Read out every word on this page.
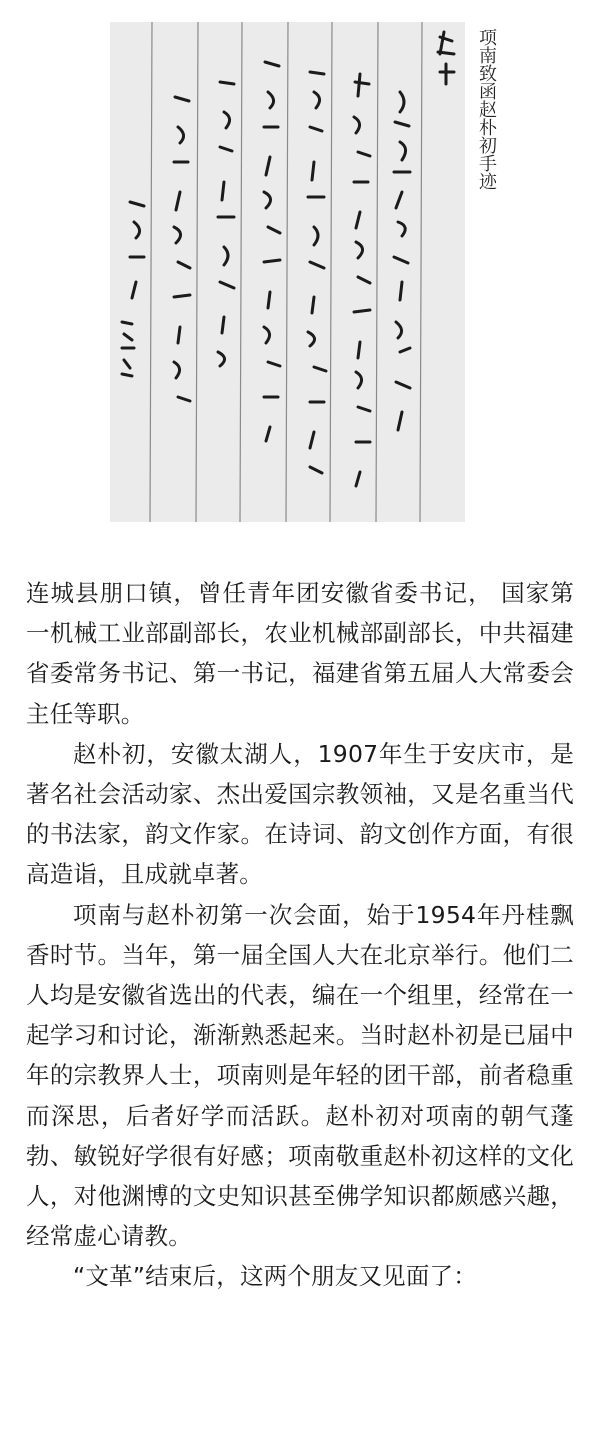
项南致函赵朴初手迹

连城县朋口镇，曾任青年团安徽省委书记， 国家第一机械工业部副部长，农业机械部副部长，中共福建省委常务书记、第一书记，福建省第五届人大常委会主任等职。

赵朴初，安徽太湖人，1907年生于安庆市，是著名社会活动家、杰出爱国宗教领袖，又是名重当代的书法家，韵文作家。在诗词、韵文创作方面，有很高造诣，且成就卓著。

项南与赵朴初第一次会面，始于1954年丹桂飘香时节。当年，第一届全国人大在北京举行。他们二人均是安徽省选出的代表，编在一个组里，经常在一起学习和讨论，渐渐熟悉起来。当时赵朴初是已届中年的宗教界人士，项南则是年轻的团干部，前者稳重而深思，后者好学而活跃。赵朴初对项南的朝气蓬勃、敏锐好学很有好感；项南敬重赵朴初这样的文化人，对他渊博的文史知识甚至佛学知识都颇感兴趣，经常虚心请教。

“文革”结束后，这两个朋友又见面了：
